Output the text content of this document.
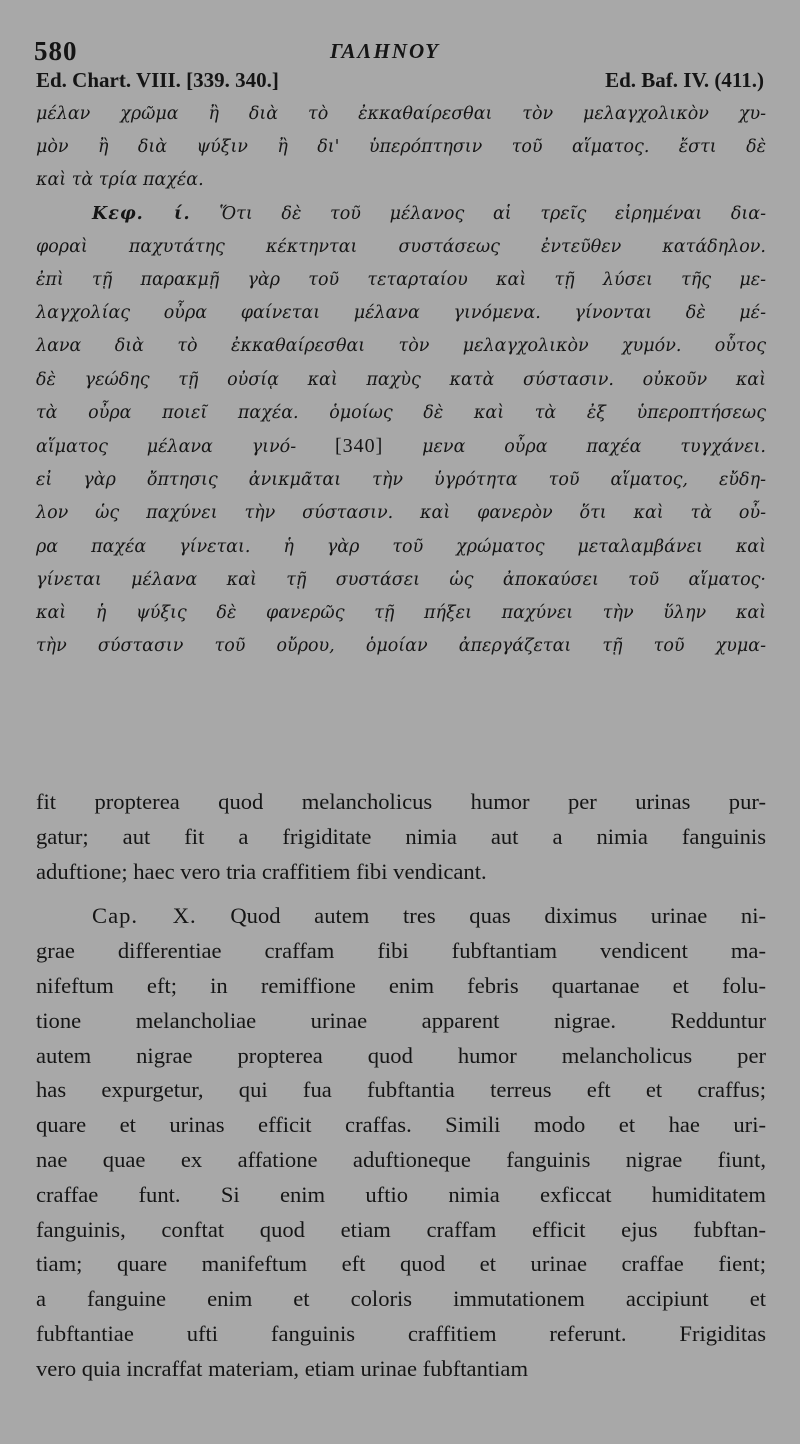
580	ΓΑΛΗΝΟΥ
Ed. Chart. VIII. [339. 340.]	Ed. Baf. IV. (411.)

μέλαν χρῶμα ἢ διὰ τὸ ἐκκαθαίρεσθαι τὸν μελαγχολικὸν χυ-

μὸν ἢ διὰ ψύξιν ἢ δι' ὑπερόπτησιν τοῦ αἵματος. ἔστι δὲ

καὶ τὰ τρία παχέα.

Κεφ. ί. Ὅτι δὲ τοῦ μέλανος αἱ τρεῖς εἰρημέναι δια-

φοραὶ παχυτάτης κέκτηνται συστάσεως ἐντεῦθεν κατάδηλον.

ἐπὶ τῇ παρακμῇ γὰρ τοῦ τεταρταίου καὶ τῇ λύσει τῆς με-

λαγχολίας οὖρα φαίνεται μέλανα γινόμενα. γίνονται δὲ μέ-

λανα διὰ τὸ ἐκκαθαίρεσθαι τὸν μελαγχολικὸν χυμόν. οὗτος

δὲ γεώδης τῇ οὐσίᾳ καὶ παχὺς κατὰ σύστασιν. οὐκοῦν καὶ

τὰ οὖρα ποιεῖ παχέα. ὁμοίως δὲ καὶ τὰ ἐξ ὑπεροπτήσεως

αἵματος μέλανα γινό- [340] μενα οὖρα παχέα τυγχάνει.

εἰ γὰρ ὄπτησις ἀνικμᾶται τὴν ὑγρότητα τοῦ αἵματος, εὔδη-

λον ὡς παχύνει τὴν σύστασιν. καὶ φανερὸν ὅτι καὶ τὰ οὖ-

ρα παχέα γίνεται. ἡ γὰρ τοῦ χρώματος μεταλαμβάνει καὶ

γίνεται μέλανα καὶ τῇ συστάσει ὡς ἀποκαύσει τοῦ αἵματος·

καὶ ἡ ψύξις δὲ φανερῶς τῇ πήξει παχύνει τὴν ὕλην καὶ

τὴν σύστασιν τοῦ οὔρου, ὁμοίαν ἀπεργάζεται τῇ τοῦ χυμα-

fit propterea quod melancholicus humor per urinas pur-

gatur; aut fit a frigiditate nimia aut a nimia fanguinis

aduftione; haec vero tria craffitiem fibi vendicant.

Cap. X. Quod autem tres quas diximus urinae ni-

grae differentiae craffam fibi fubftantiam vendicent ma-

nifeftum eft; in remiffione enim febris quartanae et folu-

tione melancholiae urinae apparent nigrae. Redduntur

autem nigrae propterea quod humor melancholicus per

has expurgetur, qui fua fubftantia terreus eft et craffus;

quare et urinas efficit craffas. Simili modo et hae uri-

nae quae ex affatione aduftioneque fanguinis nigrae fiunt,

craffae funt. Si enim uftio nimia exficcat humiditatem

fanguinis, conftat quod etiam craffam efficit ejus fubftan-

tiam; quare manifeftum eft quod et urinae craffae fient;

a fanguine enim et coloris immutationem accipiunt et

fubftantiae ufti fanguinis craffitiem referunt. Frigiditas

vero quia incraffat materiam, etiam urinae fubftantiam
